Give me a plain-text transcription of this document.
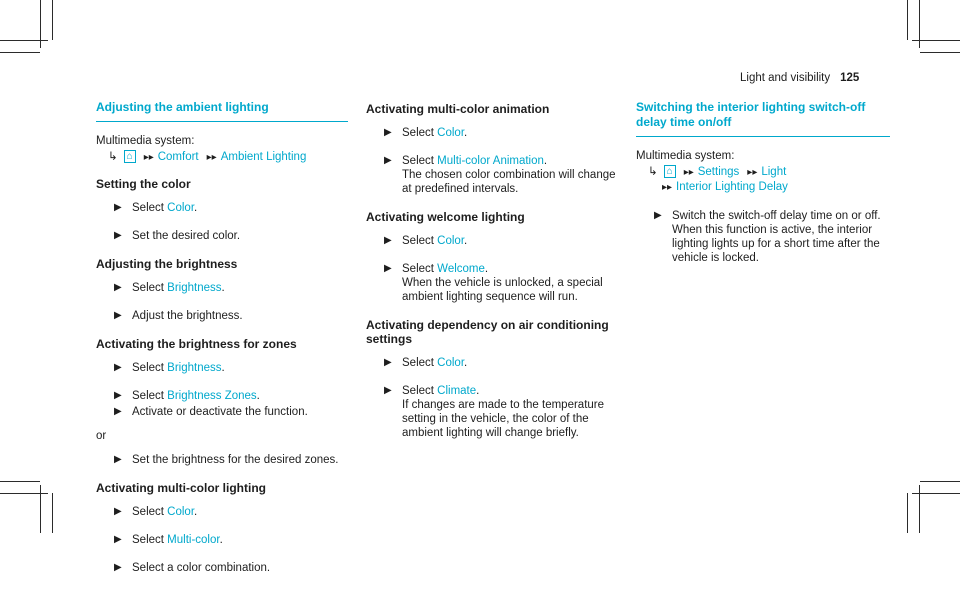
Light and visibility 125
Adjusting the ambient lighting

Multimedia system:

↳ ⌂ ▸▸ Comfort ▸▸ Ambient Lighting

Setting the color
▶ Select Color.
▶ Set the desired color.
Adjusting the brightness
▶ Select Brightness.
▶ Adjust the brightness.
Activating the brightness for zones
▶ Select Brightness.
▶ Select Brightness Zones.
▶ Activate or deactivate the function.

or

▶ Set the brightness for the desired zones.
Activating multi-color lighting
▶ Select Color.
▶ Select Multi-color.
▶ Select a color combination.
Activating multi-color animation
▶ Select Color.
▶ Select Multi-color Animation.
The chosen color combination will change at predefined intervals.
Activating welcome lighting
▶ Select Color.
▶ Select Welcome.
When the vehicle is unlocked, a special ambient lighting sequence will run.
Activating dependency on air conditioning settings
▶ Select Color.
▶ Select Climate.
If changes are made to the temperature setting in the vehicle, the color of the ambient lighting will change briefly.
Switching the interior lighting switch-off delay time on/off

Multimedia system:

↳ ⌂ ▸▸ Settings ▸▸ Light
▸▸ Interior Lighting Delay

▶ Switch the switch-off delay time on or off. When this function is active, the interior lighting lights up for a short time after the vehicle is locked.
